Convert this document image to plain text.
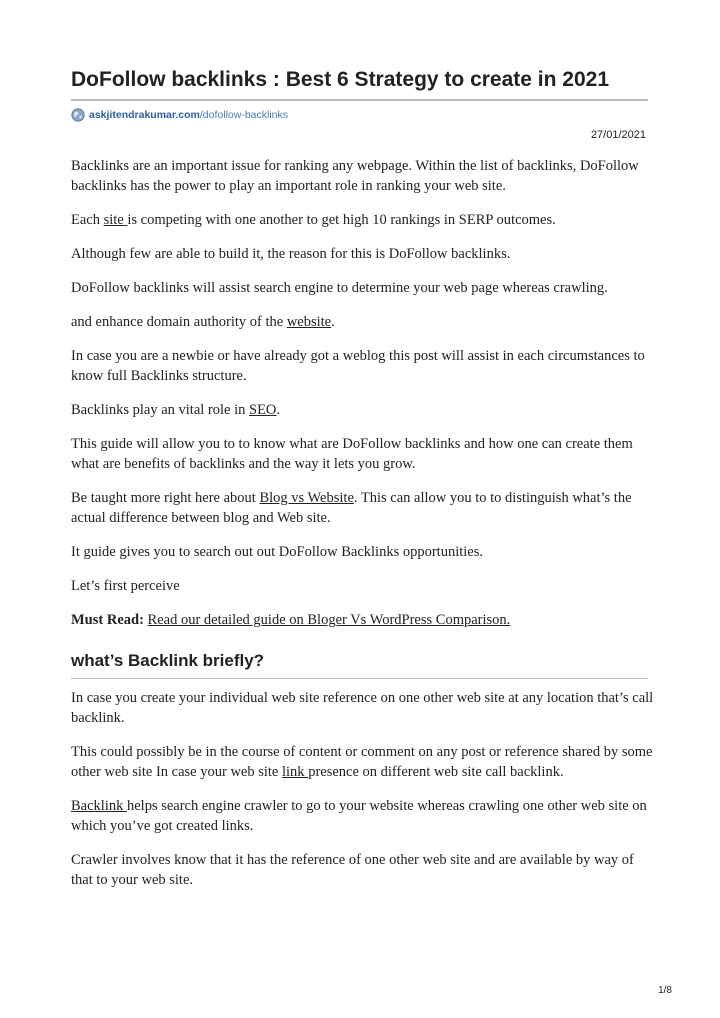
DoFollow backlinks : Best 6 Strategy to create in 2021
askjitendrakumar.com /dofollow-backlinks
27/01/2021

Backlinks are an important issue for ranking any webpage. Within the list of backlinks, DoFollow backlinks has the power to play an important role in ranking your web site.

Each site is competing with one another to get high 10 rankings in SERP outcomes.

Although few are able to build it, the reason for this is DoFollow backlinks.

DoFollow backlinks will assist search engine to determine your web page whereas crawling.

and enhance domain authority of the website.

In case you are a newbie or have already got a weblog this post will assist in each circumstances to know full Backlinks structure.

Backlinks play an vital role in SEO.

This guide will allow you to to know what are DoFollow backlinks and how one can create them what are benefits of backlinks and the way it lets you grow.

Be taught more right here about Blog vs Website. This can allow you to to distinguish what’s the actual difference between blog and Web site.

It guide gives you to search out out DoFollow Backlinks opportunities.

Let’s first perceive

Must Read: Read our detailed guide on Bloger Vs WordPress Comparison.

what’s Backlink briefly?

In case you create your individual web site reference on one other web site at any location that’s call backlink.

This could possibly be in the course of content or comment on any post or reference shared by some other web site In case your web site link presence on different web site call backlink.

Backlink helps search engine crawler to go to your website whereas crawling one other web site on which you’ve got created links.

Crawler involves know that it has the reference of one other web site and are available by way of that to your web site.

1/8
